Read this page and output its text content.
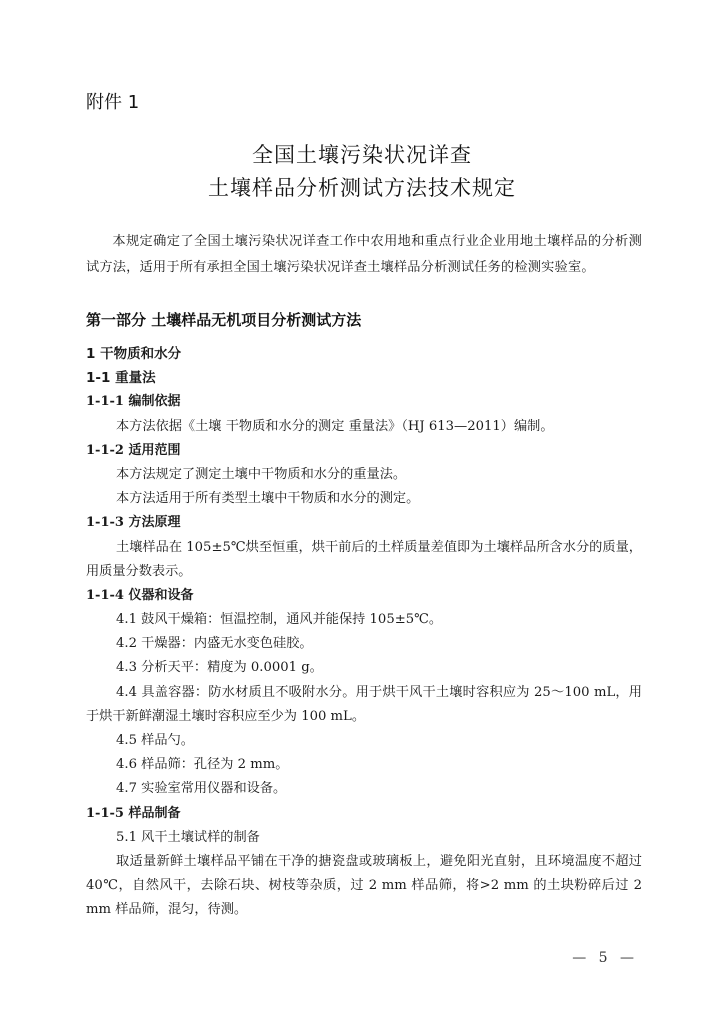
附件 1
全国土壤污染状况详查
土壤样品分析测试方法技术规定
本规定确定了全国土壤污染状况详查工作中农用地和重点行业企业用地土壤样品的分析测试方法，适用于所有承担全国土壤污染状况详查土壤样品分析测试任务的检测实验室。
第一部分 土壤样品无机项目分析测试方法
1 干物质和水分
1-1 重量法
1-1-1 编制依据
本方法依据《土壤 干物质和水分的测定 重量法》（HJ 613—2011）编制。
1-1-2 适用范围
本方法规定了测定土壤中干物质和水分的重量法。
本方法适用于所有类型土壤中干物质和水分的测定。
1-1-3 方法原理
土壤样品在 105±5℃烘至恒重，烘干前后的土样质量差值即为土壤样品所含水分的质量，用质量分数表示。
1-1-4 仪器和设备
4.1 鼓风干燥箱：恒温控制，通风并能保持 105±5℃。
4.2 干燥器：内盛无水变色硅胶。
4.3 分析天平：精度为 0.0001 g。
4.4 具盖容器：防水材质且不吸附水分。用于烘干风干土壤时容积应为 25～100 mL，用于烘干新鲜潮湿土壤时容积应至少为 100 mL。
4.5 样品勺。
4.6 样品筛：孔径为 2 mm。
4.7 实验室常用仪器和设备。
1-1-5 样品制备
5.1 风干土壤试样的制备
取适量新鲜土壤样品平铺在干净的搪瓷盘或玻璃板上，避免阳光直射，且环境温度不超过 40℃，自然风干，去除石块、树枝等杂质，过 2 mm 样品筛，将>2 mm 的土块粉碎后过 2 mm 样品筛，混匀，待测。
— 5 —
